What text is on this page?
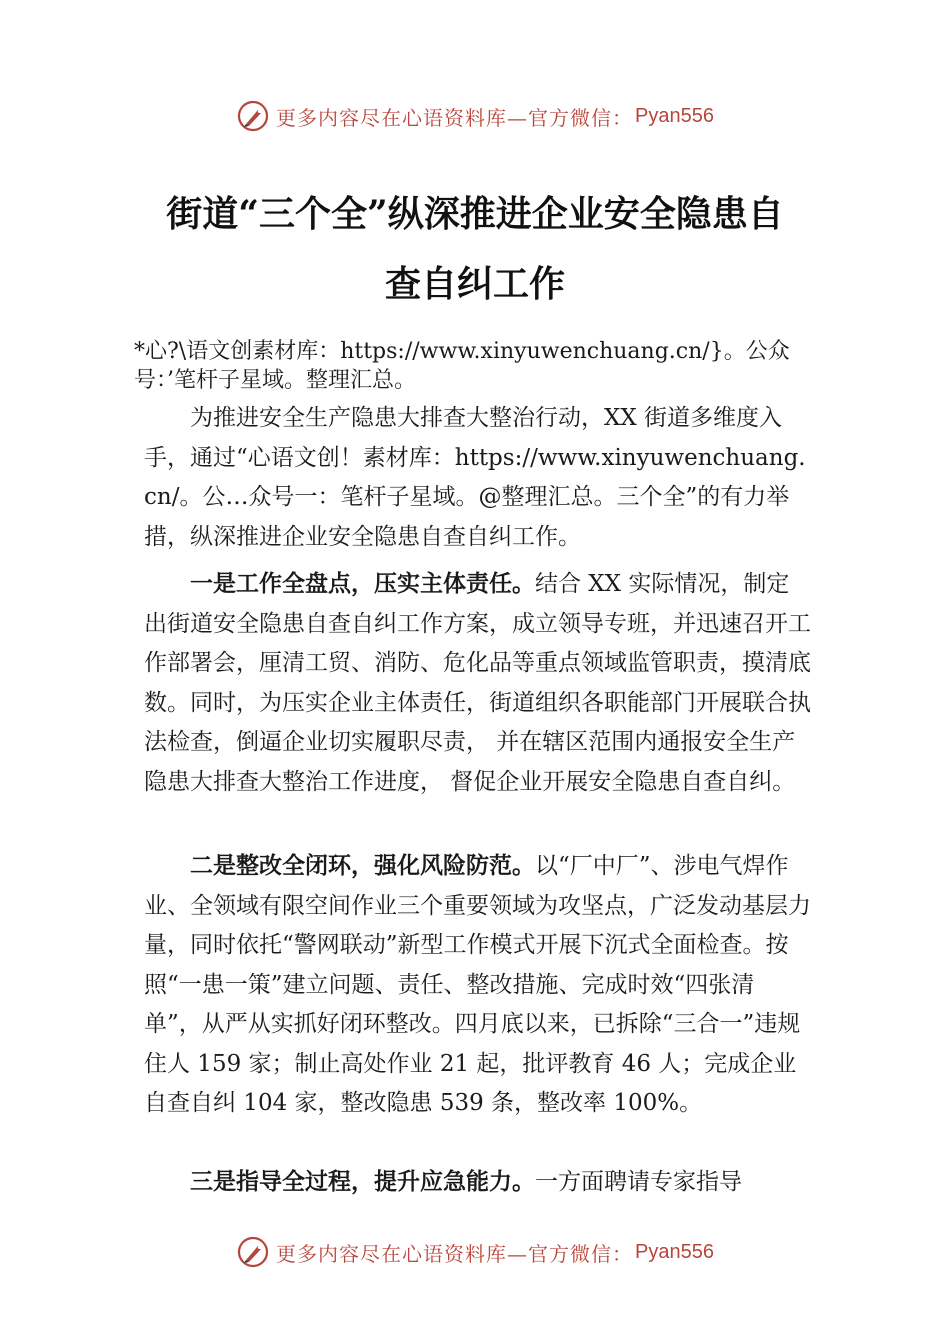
更多内容尽在心语资料库—官方微信： Pyan556
街道“三个全”纵深推进企业安全隐患自
查自纠工作
*心?\语文创素材库：https://www.xinyuwenchuang.cn/}。公众号：’笔杆子星域。整理汇总。
为推进安全生产隐患大排查大整治行动，XX 街道多维度入手，通过“心语文创！素材库：https://www.xinyuwenchuang.cn/。公…众号一：笔杆子星域。@整理汇总。三个全”的有力举措，纵深推进企业安全隐患自查自纠工作。
一是工作全盘点，压实主体责任。结合 XX 实际情况，制定出街道安全隐患自查自纠工作方案，成立领导专班，并迅速召开工作部署会，厘清工贸、消防、危化品等重点领域监管职责，摸清底数。同时，为压实企业主体责任，街道组织各职能部门开展联合执法检查，倒逼企业切实履职尽责， 并在辖区范围内通报安全生产隐患大排查大整治工作进度， 督促企业开展安全隐患自查自纠。
二是整改全闭环，强化风险防范。以“厂中厂”、涉电气焊作业、全领域有限空间作业三个重要领域为攻坚点，广泛发动基层力量，同时依托“警网联动”新型工作模式开展下沉式全面检查。按照“一患一策”建立问题、责任、整改措施、完成时效“四张清单”，从严从实抓好闭环整改。四月底以来，已拆除“三合一”违规住人 159 家；制止高处作业 21 起，批评教育 46 人；完成企业自查自纠 104 家，整改隐患 539 条，整改率 100%。
三是指导全过程，提升应急能力。一方面聘请专家指导
更多内容尽在心语资料库—官方微信： Pyan556
